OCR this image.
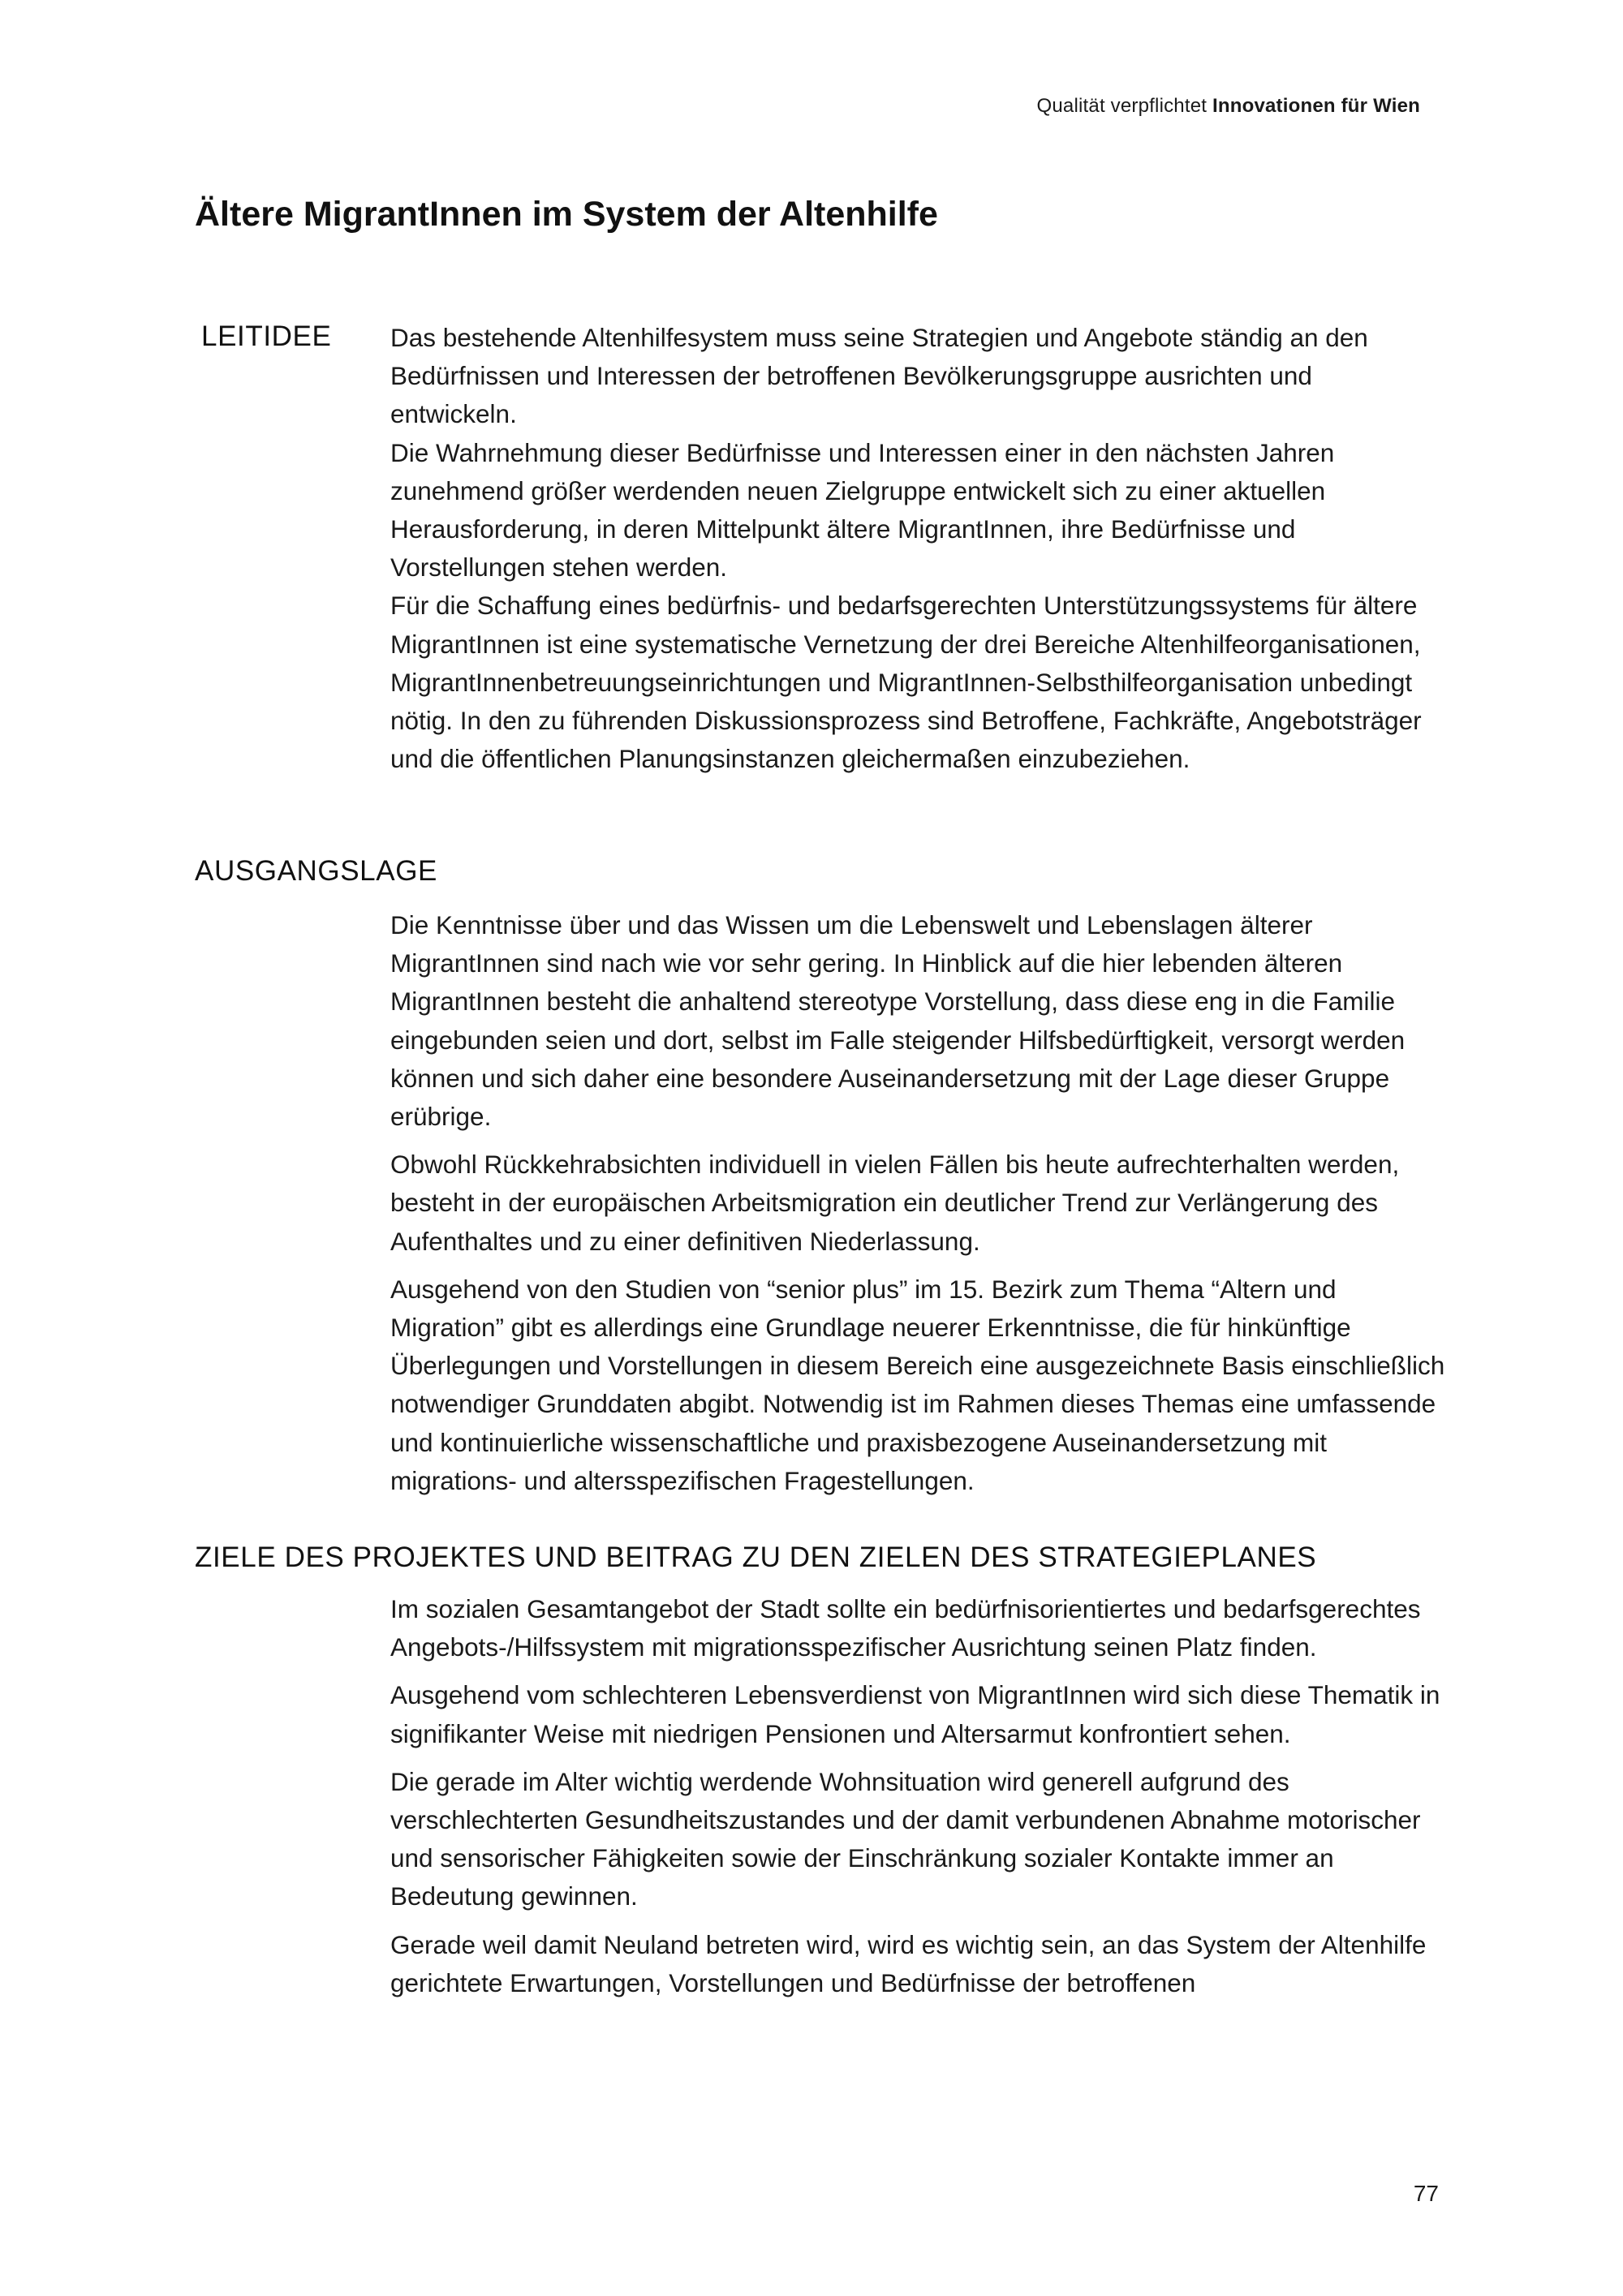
Qualität verpflichtet Innovationen für Wien
Ältere MigrantInnen im System der Altenhilfe
LEITIDEE Das bestehende Altenhilfesystem muss seine Strategien und Angebote ständig an den Bedürfnissen und Interessen der betroffenen Bevölkerungsgruppe ausrichten und entwickeln.

Die Wahrnehmung dieser Bedürfnisse und Interessen einer in den nächsten Jahren zunehmend größer werdenden neuen Zielgruppe entwickelt sich zu einer aktuellen Herausforderung, in deren Mittelpunkt ältere MigrantInnen, ihre Bedürfnisse und Vorstellungen stehen werden.

Für die Schaffung eines bedürfnis- und bedarfsgerechten Unterstützungssystems für ältere MigrantInnen ist eine systematische Vernetzung der drei Bereiche Altenhilfeorganisationen, MigrantInnenbetreuungseinrichtungen und MigrantInnen-Selbsthilfeorganisation unbedingt nötig. In den zu führenden Diskussionsprozess sind Betroffene, Fachkräfte, Angebotsträger und die öffentlichen Planungsinstanzen gleichermaßen einzubeziehen.

AUSGANGSLAGE

Die Kenntnisse über und das Wissen um die Lebenswelt und Lebenslagen älterer MigrantInnen sind nach wie vor sehr gering. In Hinblick auf die hier lebenden älteren MigrantInnen besteht die anhaltend stereotype Vorstellung, dass diese eng in die Familie eingebunden seien und dort, selbst im Falle steigender Hilfsbedürftigkeit, versorgt werden können und sich daher eine besondere Auseinandersetzung mit der Lage dieser Gruppe erübrige.

Obwohl Rückkehrabsichten individuell in vielen Fällen bis heute aufrechterhalten werden, besteht in der europäischen Arbeitsmigration ein deutlicher Trend zur Verlängerung des Aufenthaltes und zu einer definitiven Niederlassung.

Ausgehend von den Studien von “senior plus” im 15. Bezirk zum Thema “Altern und Migration” gibt es allerdings eine Grundlage neuerer Erkenntnisse, die für hinkünftige Überlegungen und Vorstellungen in diesem Bereich eine ausgezeichnete Basis einschließlich notwendiger Grunddaten abgibt. Notwendig ist im Rahmen dieses Themas eine umfassende und kontinuierliche wissenschaftliche und praxisbezogene Auseinandersetzung mit migrations- und altersspezifischen Fragestellungen.

ZIELE DES PROJEKTES UND BEITRAG ZU DEN ZIELEN DES STRATEGIEPLANES

Im sozialen Gesamtangebot der Stadt sollte ein bedürfnisorientiertes und bedarfsgerechtes Angebots-/Hilfssystem mit migrationsspezifischer Ausrichtung seinen Platz finden.

Ausgehend vom schlechteren Lebensverdienst von MigrantInnen wird sich diese Thematik in signifikanter Weise mit niedrigen Pensionen und Altersarmut konfrontiert sehen.

Die gerade im Alter wichtig werdende Wohnsituation wird generell aufgrund des verschlechterten Gesundheitszustandes und der damit verbundenen Abnahme motorischer und sensorischer Fähigkeiten sowie der Einschränkung sozialer Kontakte immer an Bedeutung gewinnen.

Gerade weil damit Neuland betreten wird, wird es wichtig sein, an das System der Altenhilfe gerichtete Erwartungen, Vorstellungen und Bedürfnisse der betroffenen

77
